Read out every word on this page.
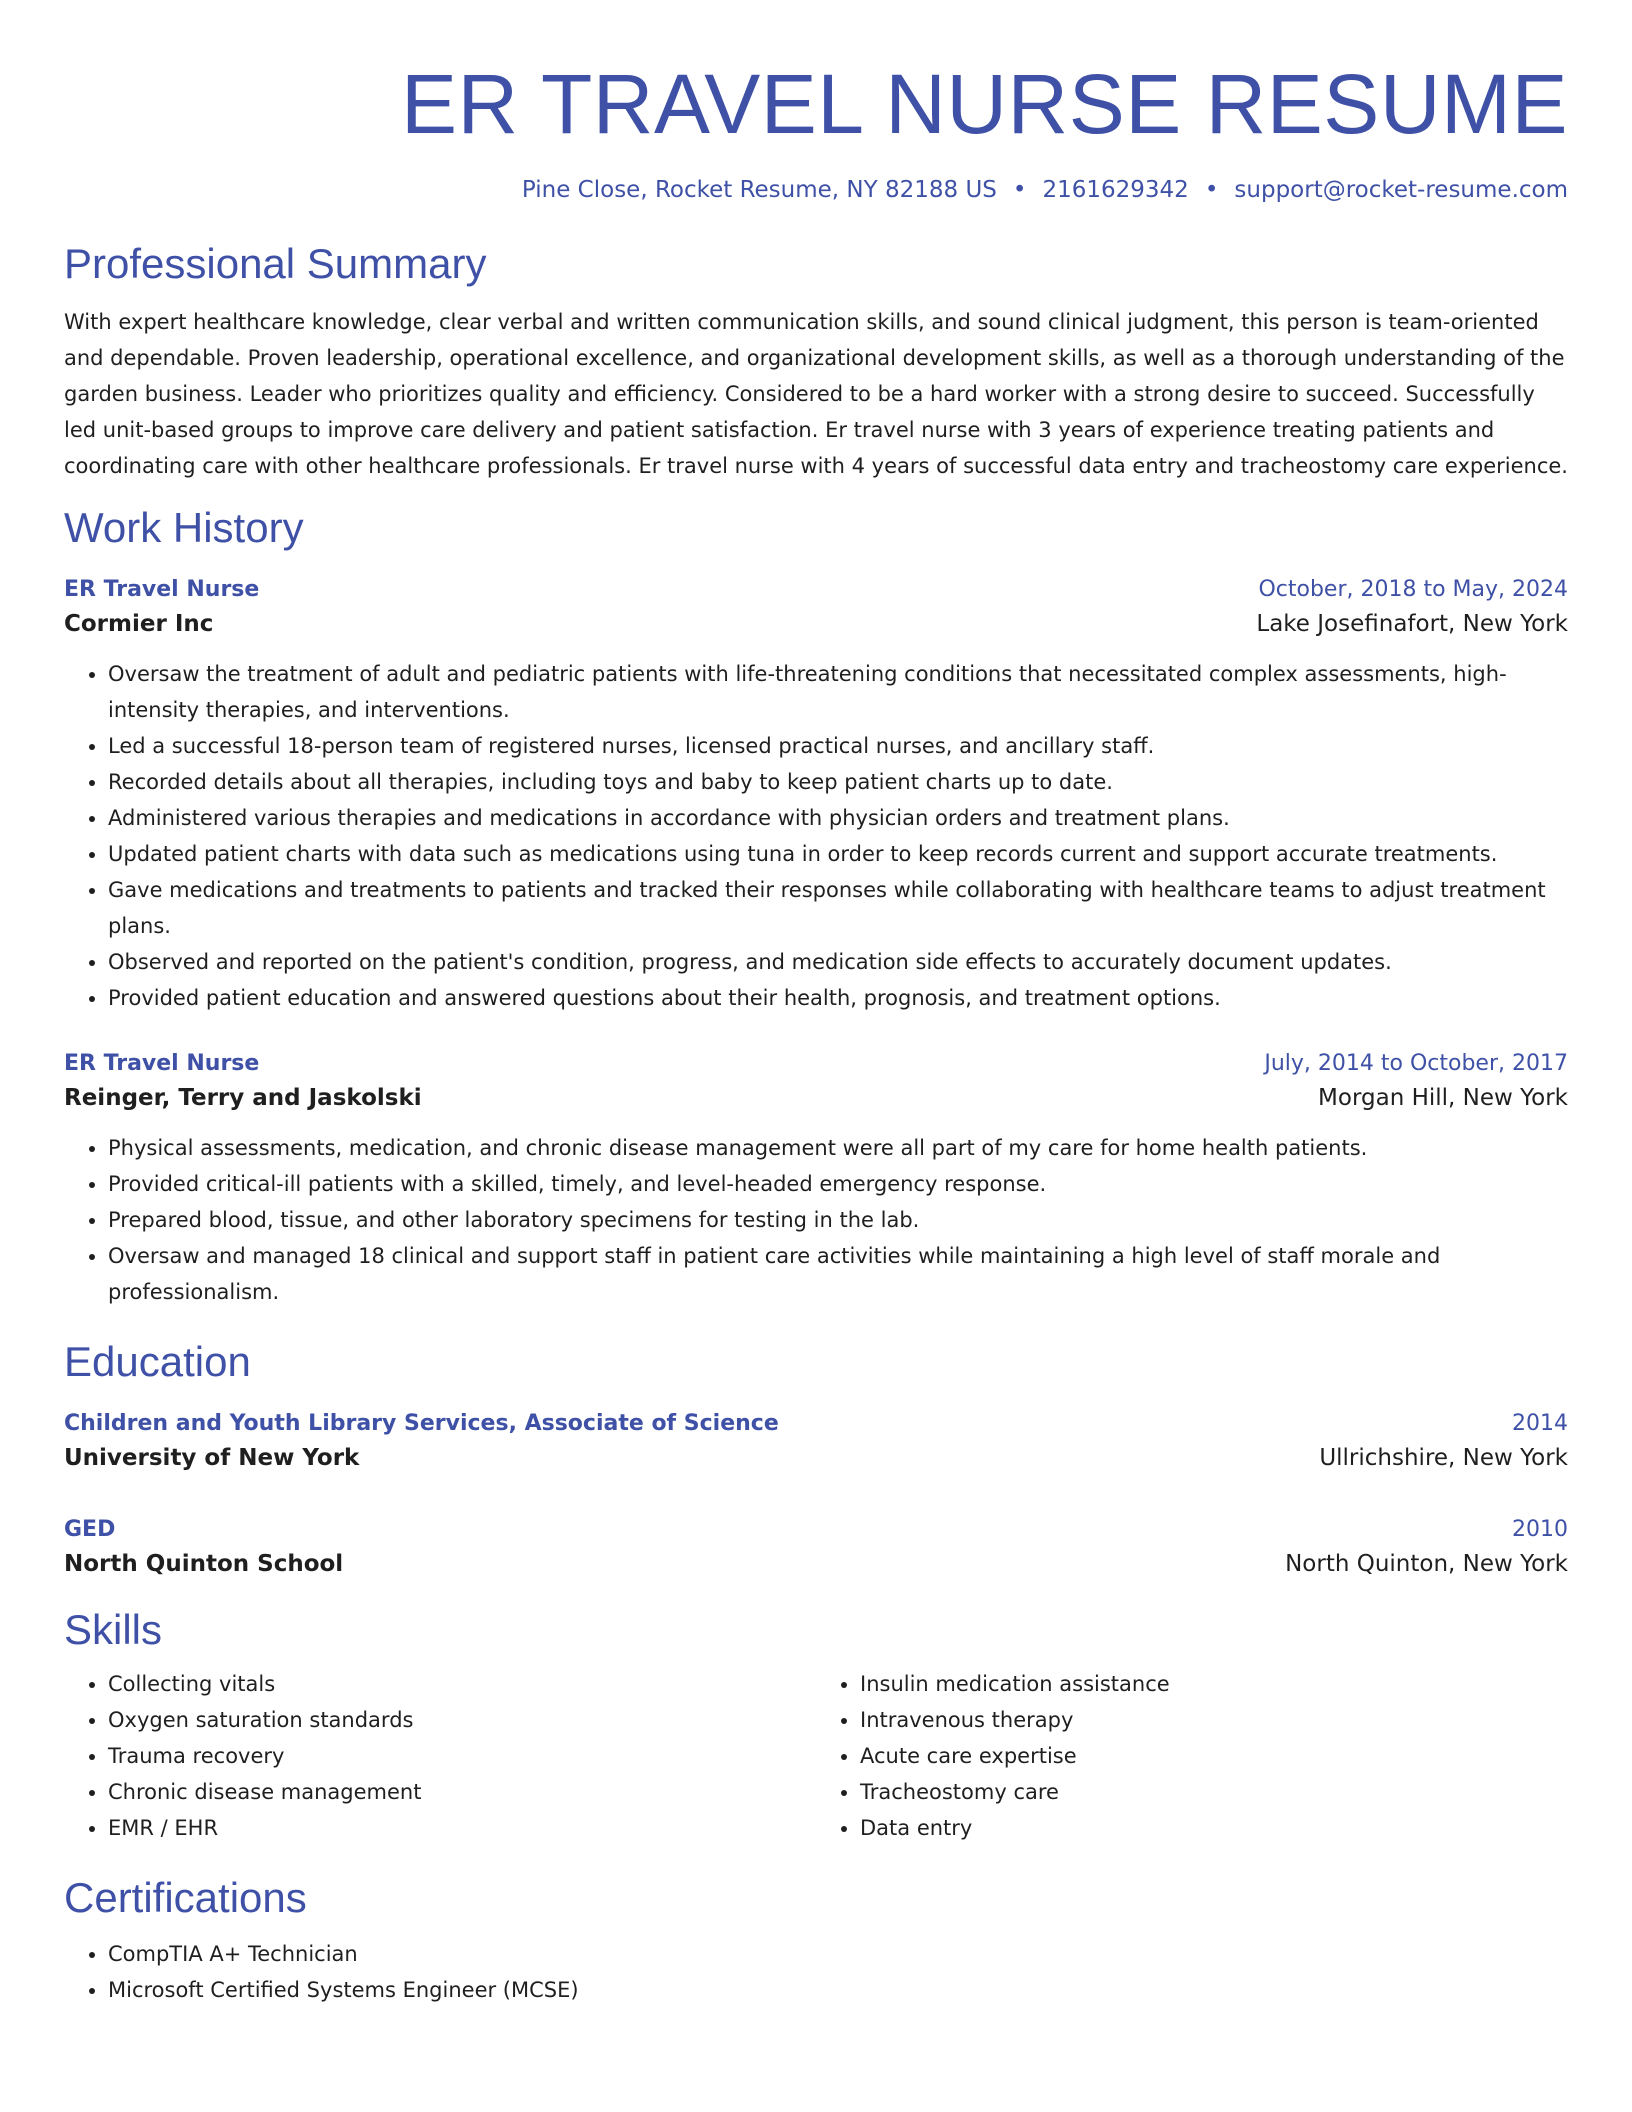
ER TRAVEL NURSE RESUME
Pine Close, Rocket Resume, NY 82188 US • 2161629342 • support@rocket-resume.com
Professional Summary

With expert healthcare knowledge, clear verbal and written communication skills, and sound clinical judgment, this person is team-oriented and dependable. Proven leadership, operational excellence, and organizational development skills, as well as a thorough understanding of the garden business. Leader who prioritizes quality and efficiency. Considered to be a hard worker with a strong desire to succeed. Successfully led unit-based groups to improve care delivery and patient satisfaction. Er travel nurse with 3 years of experience treating patients and coordinating care with other healthcare professionals. Er travel nurse with 4 years of successful data entry and tracheostomy care experience.

Work History
ER Travel Nurse	October, 2018 to May, 2024
Cormier Inc	Lake Josefinafort, New York
• Oversaw the treatment of adult and pediatric patients with life-threatening conditions that necessitated complex assessments, high-intensity therapies, and interventions.
• Led a successful 18-person team of registered nurses, licensed practical nurses, and ancillary staff.
• Recorded details about all therapies, including toys and baby to keep patient charts up to date.
• Administered various therapies and medications in accordance with physician orders and treatment plans.
• Updated patient charts with data such as medications using tuna in order to keep records current and support accurate treatments.
• Gave medications and treatments to patients and tracked their responses while collaborating with healthcare teams to adjust treatment plans.
• Observed and reported on the patient's condition, progress, and medication side effects to accurately document updates.
• Provided patient education and answered questions about their health, prognosis, and treatment options.
ER Travel Nurse	July, 2014 to October, 2017
Reinger, Terry and Jaskolski	Morgan Hill, New York
• Physical assessments, medication, and chronic disease management were all part of my care for home health patients.
• Provided critical-ill patients with a skilled, timely, and level-headed emergency response.
• Prepared blood, tissue, and other laboratory specimens for testing in the lab.
• Oversaw and managed 18 clinical and support staff in patient care activities while maintaining a high level of staff morale and professionalism.
Education
Children and Youth Library Services, Associate of Science	2014
University of New York	Ullrichshire, New York
GED	2010
North Quinton School	North Quinton, New York
Skills
• Collecting vitals
• Oxygen saturation standards
• Trauma recovery
• Chronic disease management
• EMR / EHR
• Insulin medication assistance
• Intravenous therapy
• Acute care expertise
• Tracheostomy care
• Data entry
Certifications
• CompTIA A+ Technician
• Microsoft Certified Systems Engineer (MCSE)
